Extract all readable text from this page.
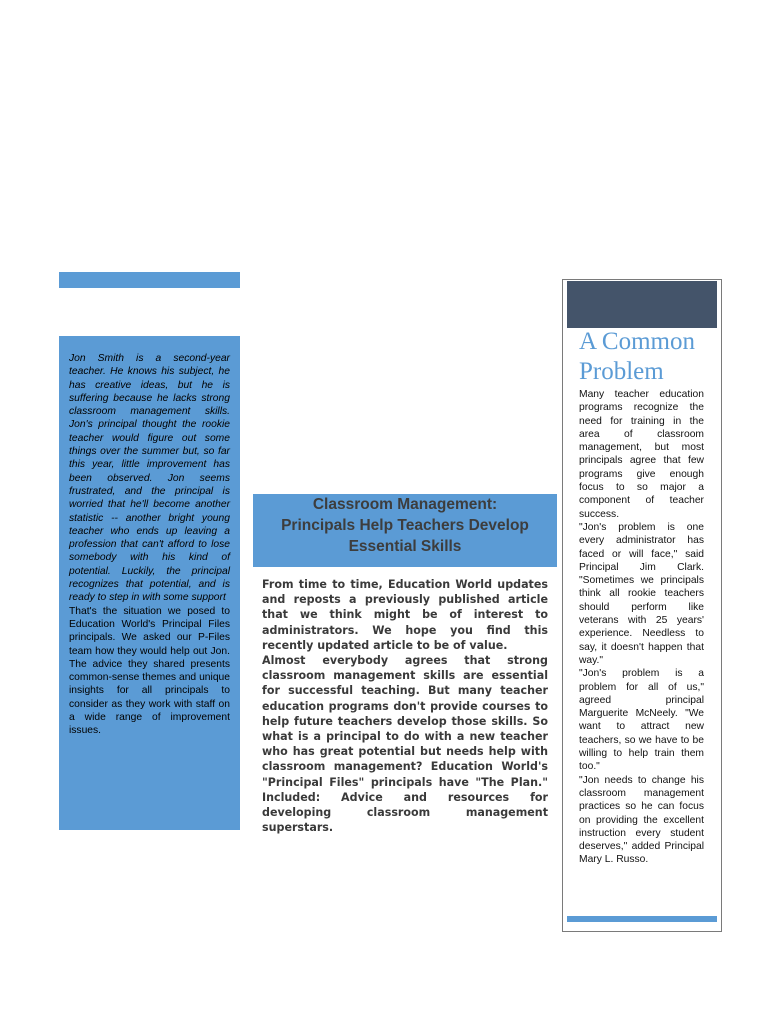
Jon Smith is a second-year teacher. He knows his subject, he has creative ideas, but he is suffering because he lacks strong classroom management skills. Jon's principal thought the rookie teacher would figure out some things over the summer but, so far this year, little improvement has been observed. Jon seems frustrated, and the principal is worried that he'll become another statistic -- another bright young teacher who ends up leaving a profession that can't afford to lose somebody with his kind of potential. Luckily, the principal recognizes that potential, and is ready to step in with some support

That's the situation we posed to Education World's Principal Files principals. We asked our P-Files team how they would help out Jon. The advice they shared presents common-sense themes and unique insights for all principals to consider as they work with staff on a wide range of improvement issues.

Classroom Management:
Principals Help Teachers Develop
Essential Skills

From time to time, Education World updates and reposts a previously published article that we think might be of interest to administrators. We hope you find this recently updated article to be of value.

Almost everybody agrees that strong classroom management skills are essential for successful teaching. But many teacher education programs don't provide courses to help future teachers develop those skills. So what is a principal to do with a new teacher who has great potential but needs help with classroom management? Education World's "Principal Files" principals have "The Plan." Included: Advice and resources for developing classroom management superstars.

A Common Problem

Many teacher education programs recognize the need for training in the area of classroom management, but most principals agree that few programs give enough focus to so major a component of teacher success.

"Jon's problem is one every administrator has faced or will face," said Principal Jim Clark. "Sometimes we principals think all rookie teachers should perform like veterans with 25 years' experience. Needless to say, it doesn't happen that way."

"Jon's problem is a problem for all of us," agreed principal Marguerite McNeely. "We want to attract new teachers, so we have to be willing to help train them too."

"Jon needs to change his classroom management practices so he can focus on providing the excellent instruction every student deserves," added Principal Mary L. Russo.
